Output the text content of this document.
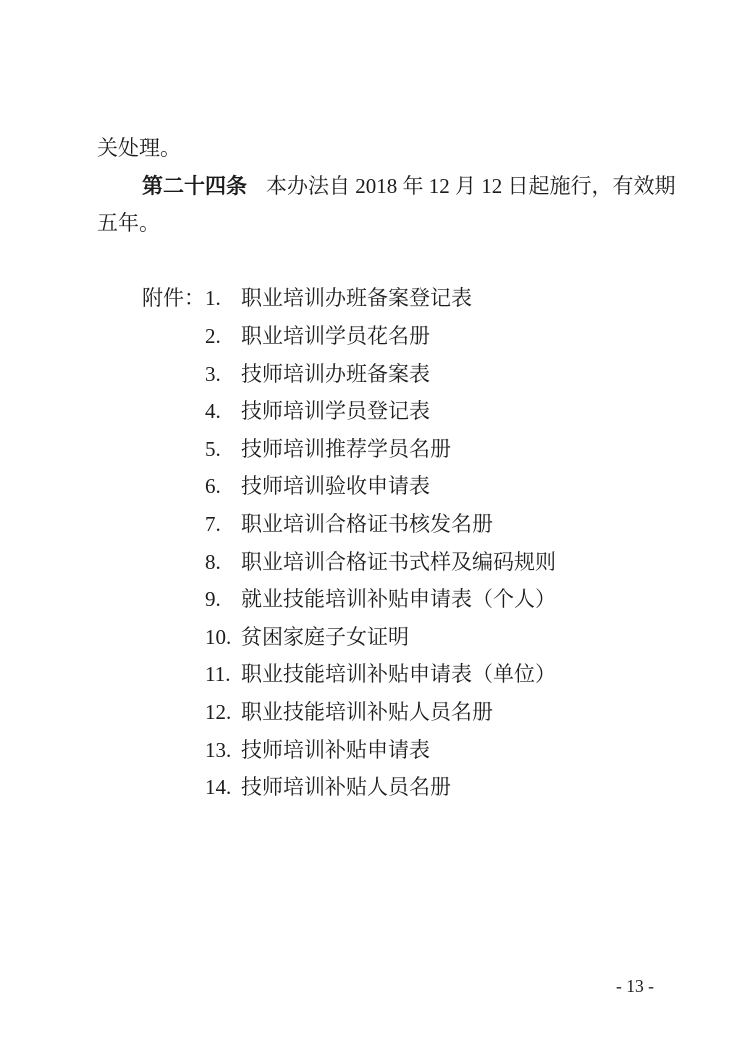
关处理。

第二十四条 本办法自 2018 年 12 月 12 日起施行，有效期

五年。

附件： 1. 职业培训办班备案登记表
2. 职业培训学员花名册
3. 技师培训办班备案表
4. 技师培训学员登记表
5. 技师培训推荐学员名册
6. 技师培训验收申请表
7. 职业培训合格证书核发名册
8. 职业培训合格证书式样及编码规则
9. 就业技能培训补贴申请表（个人）
10. 贫困家庭子女证明
11. 职业技能培训补贴申请表（单位）
12. 职业技能培训补贴人员名册
13. 技师培训补贴申请表
14. 技师培训补贴人员名册
- 13 -
